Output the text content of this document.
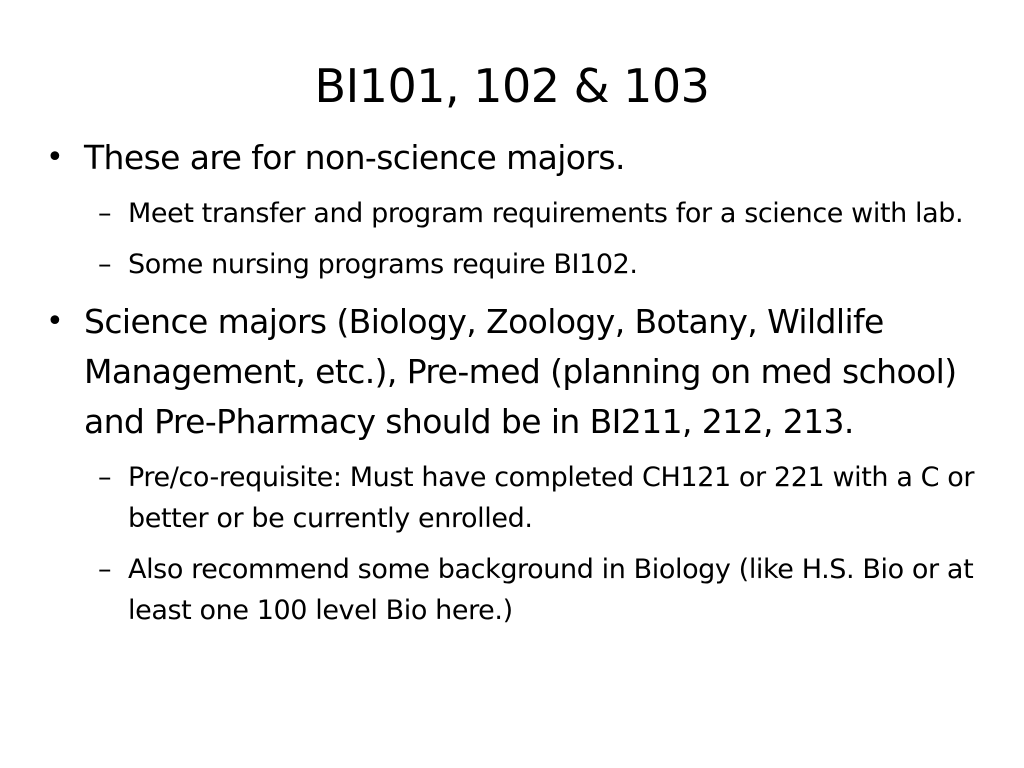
BI101, 102 & 103

• These are for non-science majors.

– Meet transfer and program requirements for a science with lab.

– Some nursing programs require BI102.

• Science majors (Biology, Zoology, Botany, Wildlife Management, etc.), Pre-med (planning on med school) and Pre-Pharmacy should be in BI211, 212, 213.

– Pre/co-requisite: Must have completed CH121 or 221 with a C or better or be currently enrolled.

– Also recommend some background in Biology (like H.S. Bio or at least one 100 level Bio here.)
